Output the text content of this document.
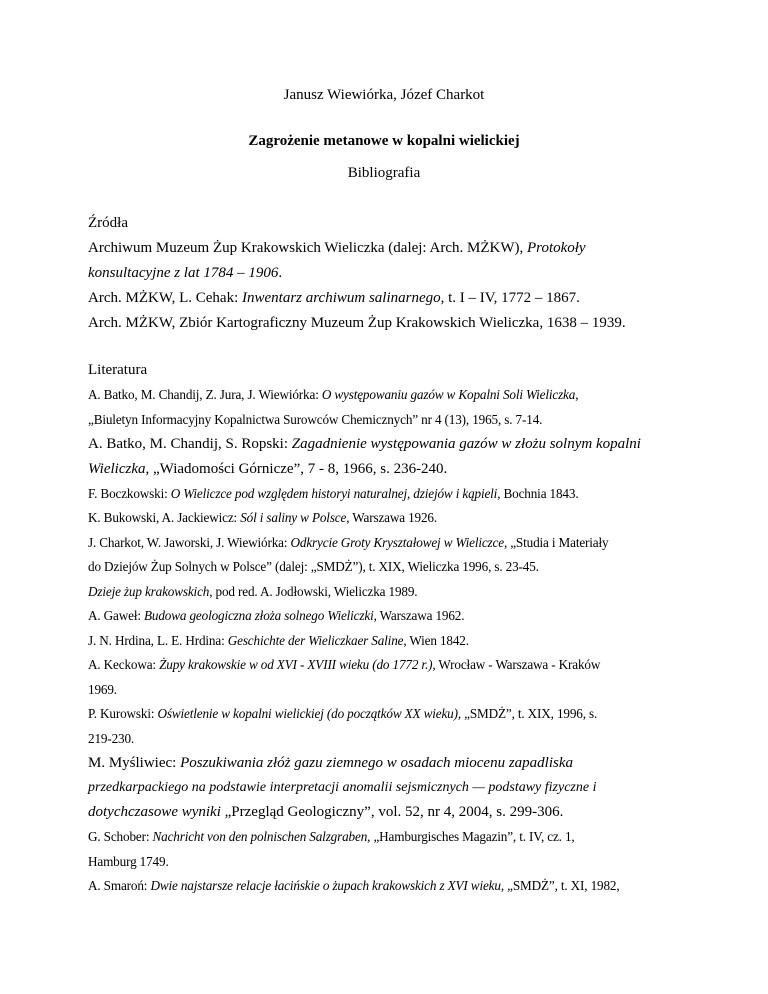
Janusz Wiewiórka, Józef Charkot
Zagrożenie metanowe w kopalni wielickiej
Bibliografia
Źródła
Archiwum Muzeum Żup Krakowskich Wieliczka (dalej: Arch. MŻKW), Protokoły
konsultacyjne z lat 1784 – 1906.
Arch. MŻKW, L. Cehak: Inwentarz archiwum salinarnego, t. I – IV, 1772 – 1867.
Arch. MŻKW, Zbiór Kartograficzny Muzeum Żup Krakowskich Wieliczka, 1638 – 1939.
Literatura
A. Batko, M. Chandij, Z. Jura, J. Wiewiórka: O występowaniu gazów w Kopalni Soli Wieliczka,
„Biuletyn Informacyjny Kopalnictwa Surowców Chemicznych” nr 4 (13), 1965, s. 7-14.
A. Batko, M. Chandij, S. Ropski: Zagadnienie występowania gazów w złożu solnym kopalni
Wieliczka, „Wiadomości Górnicze”, 7 - 8, 1966, s. 236-240.
F. Boczkowski: O Wieliczce pod względem historyi naturalnej, dziejów i kąpieli, Bochnia 1843.
K. Bukowski, A. Jackiewicz: Sól i saliny w Polsce, Warszawa 1926.
J. Charkot, W. Jaworski, J. Wiewiórka: Odkrycie Groty Kryształowej w Wieliczce, „Studia i Materiały
do Dziejów Żup Solnych w Polsce” (dalej: „SMDŻ”), t. XIX, Wieliczka 1996, s. 23-45.
Dzieje żup krakowskich, pod red. A. Jodłowski, Wieliczka 1989.
A. Gaweł: Budowa geologiczna złoża solnego Wieliczki, Warszawa 1962.
J. N. Hrdina, L. E. Hrdina: Geschichte der Wieliczkaer Saline, Wien 1842.
A. Keckowa: Żupy krakowskie w od XVI - XVIII wieku (do 1772 r.), Wrocław - Warszawa - Kraków
1969.
P. Kurowski: Oświetlenie w kopalni wielickiej (do początków XX wieku), „SMDŻ”, t. XIX, 1996, s.
219-230.
M. Myśliwiec: Poszukiwania złóż gazu ziemnego w osadach miocenu zapadliska
przedkarpackiego na podstawie interpretacji anomalii sejsmicznych — podstawy fizyczne i
dotychczasowe wyniki „Przegląd Geologiczny”, vol. 52, nr 4, 2004, s. 299-306.
G. Schober: Nachricht von den polnischen Salzgraben, „Hamburgisches Magazin”, t. IV, cz. 1,
Hamburg 1749.
A. Smaroń: Dwie najstarsze relacje łacińskie o żupach krakowskich z XVI wieku, „SMDŻ”, t. XI, 1982,
